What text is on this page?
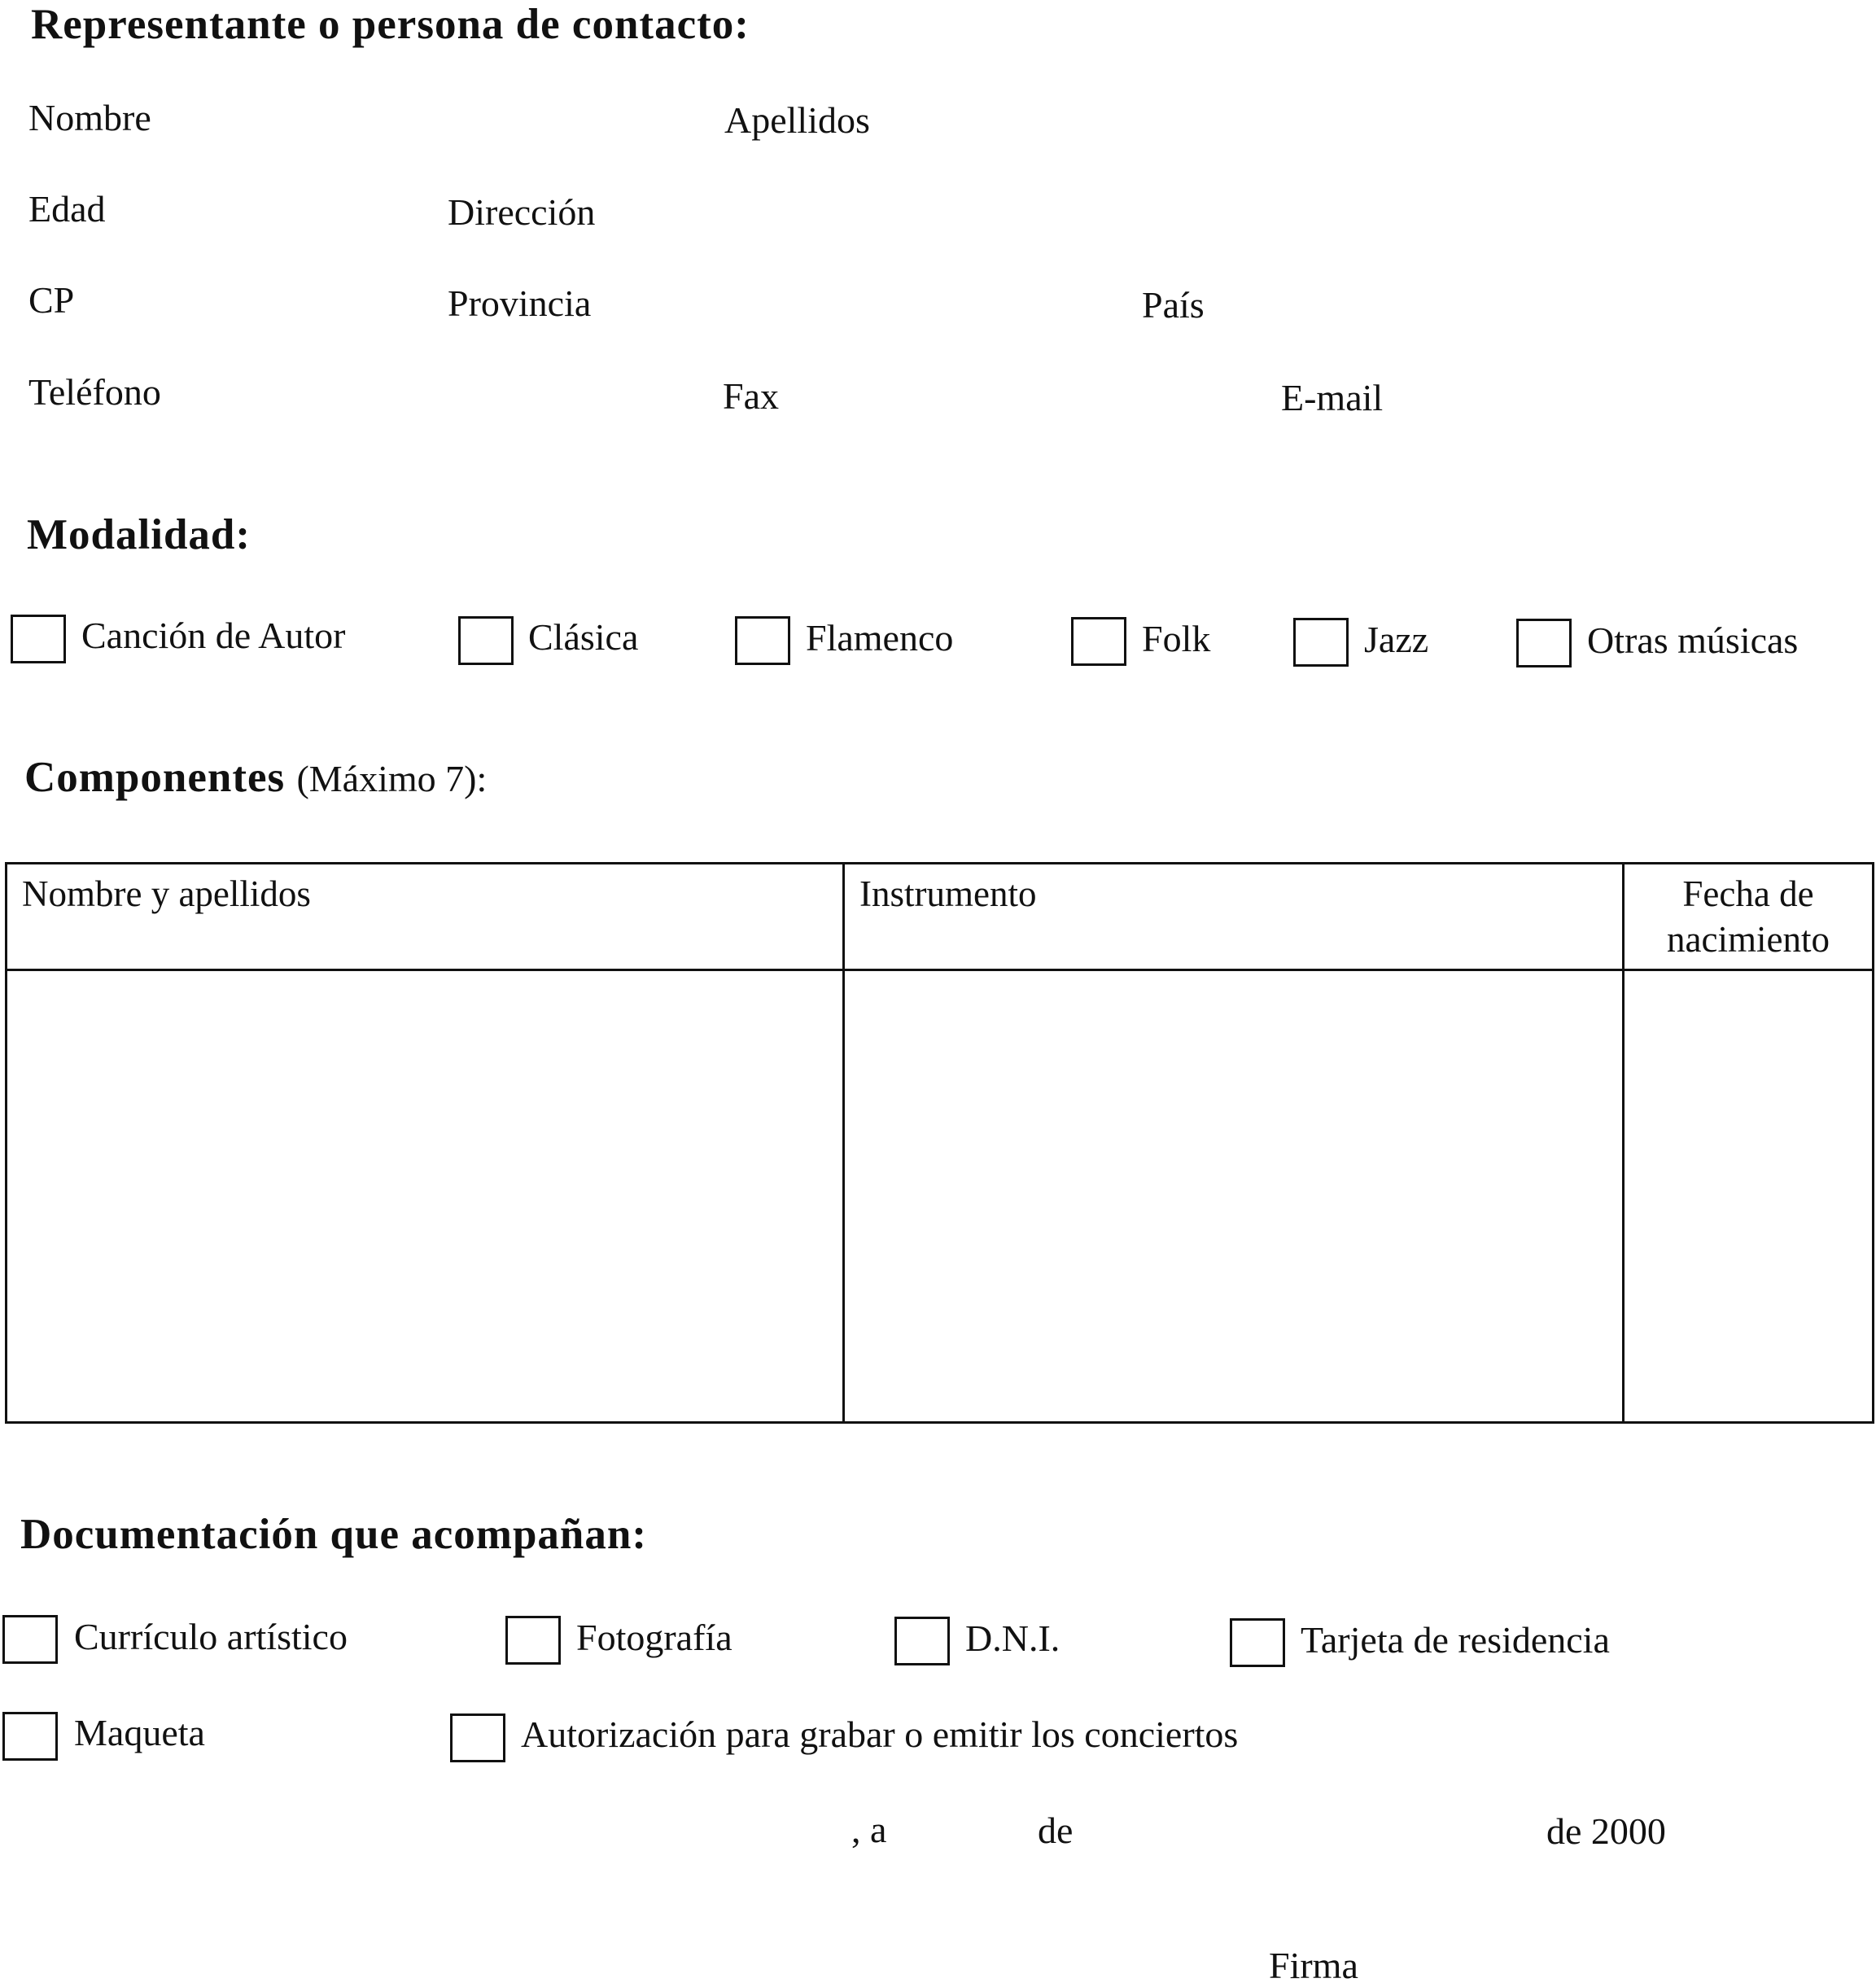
Representante o persona de contacto:
Nombre	Apellidos
Edad	Dirección
CP	Provincia	País
Teléfono	Fax	E-mail
Modalidad:
Canción de Autor	Clásica	Flamenco	Folk	Jazz	Otras músicas
Componentes (Máximo 7):
Nombre y apellidos	Instrumento	Fecha de nacimiento

Documentación que acompañan:
Currículo artístico	Fotografía	D.N.I.	Tarjeta de residencia
Maqueta	Autorización para grabar o emitir los conciertos
, a	de	de 2000
Firma
